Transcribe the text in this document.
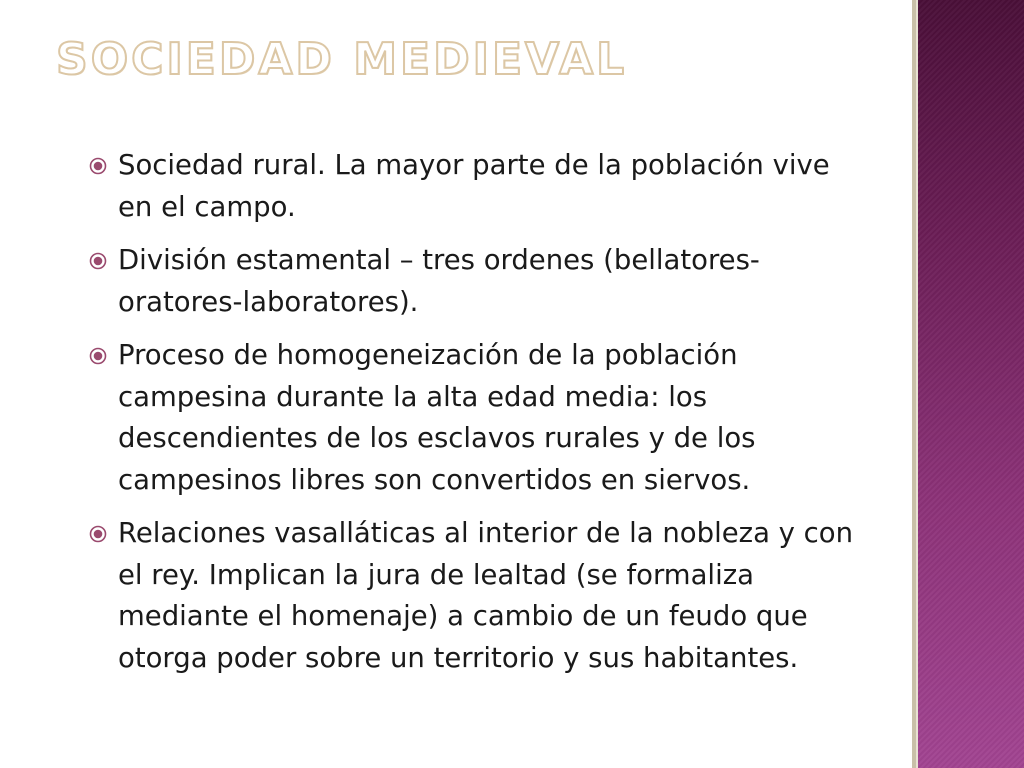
SOCIEDAD MEDIEVAL
Sociedad rural. La mayor parte de la población vive en el campo.
División estamental – tres ordenes (bellatores-oratores-laboratores).
Proceso de homogeneización de la población campesina durante la alta edad media: los descendientes de los esclavos rurales y de los campesinos libres son convertidos en siervos.
Relaciones vasalláticas al interior de la nobleza y con el rey. Implican la jura de lealtad (se formaliza mediante el homenaje) a cambio de un feudo que otorga poder sobre un territorio y sus habitantes.
